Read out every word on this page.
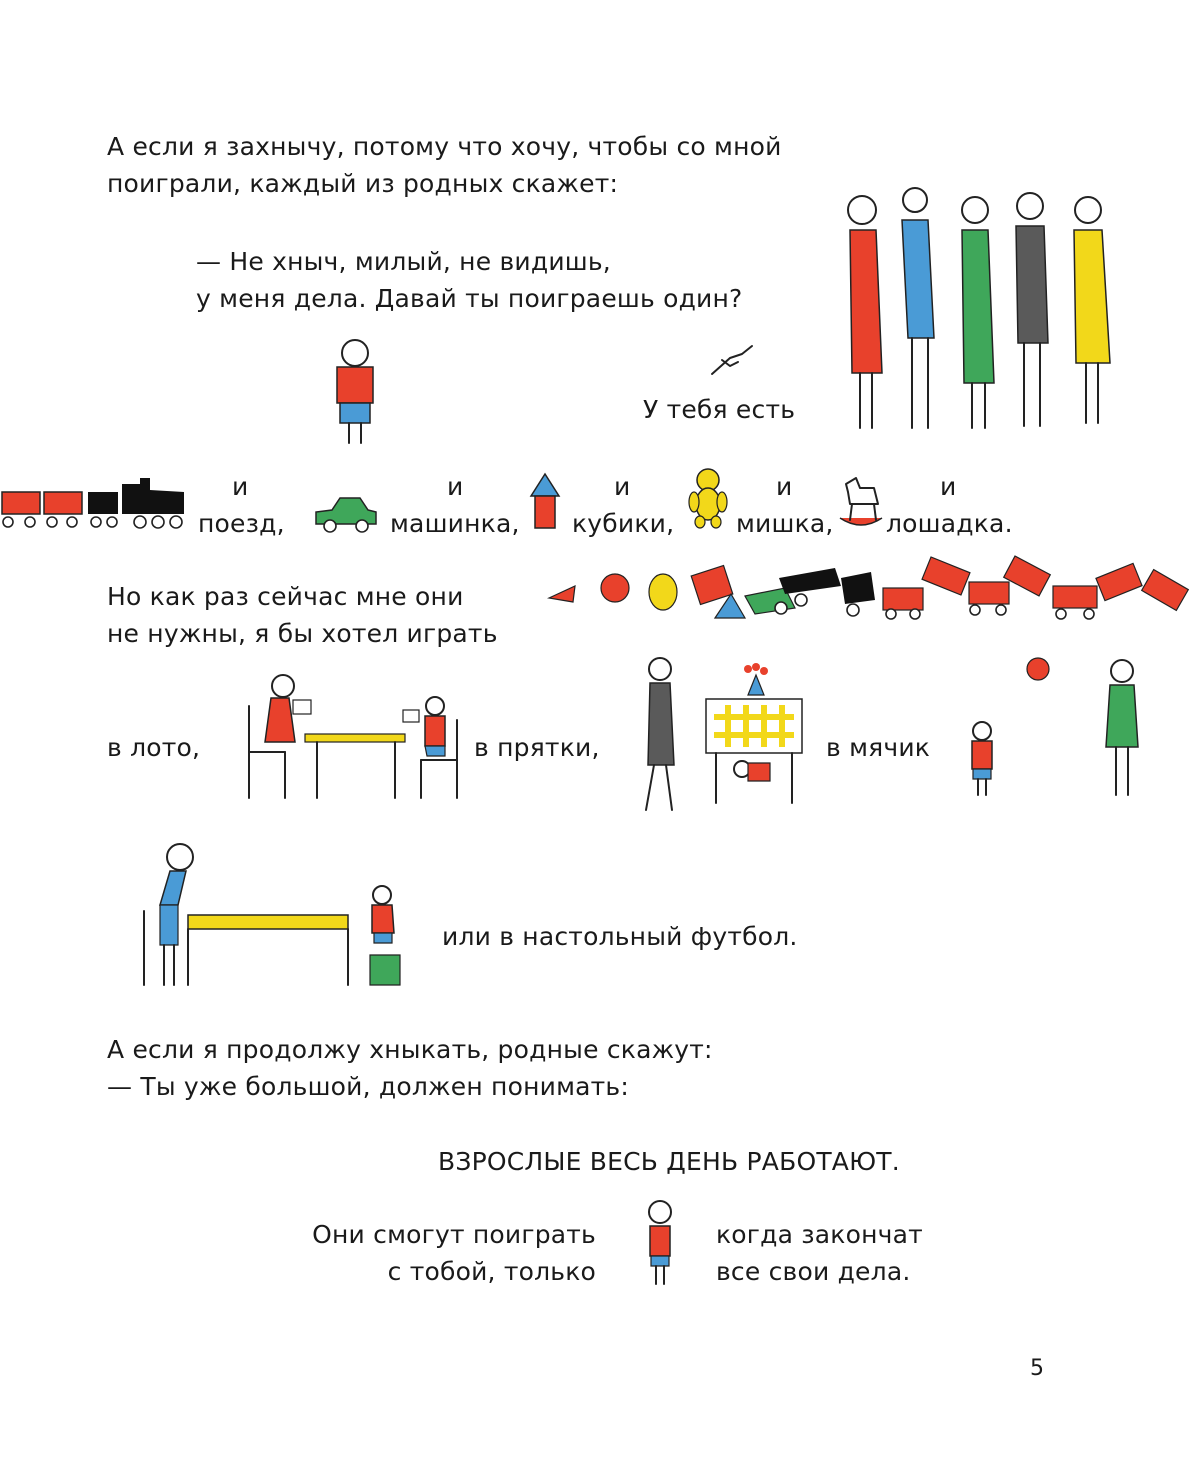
А если я захнычу, потому что хочу, чтобы со мной
поиграли, каждый из родных скажет:
— Не хныч, милый, не видишь,
у меня дела. Давай ты поиграешь один?
У тебя есть
и
поезд,
и
машинка,
и
кубики,
и
мишка,
и
лошадка.
Но как раз сейчас мне они
не нужны, я бы хотел играть
в лото,	в прятки,	в мячик
или в настольный футбол.
А если я продолжу хныкать, родные скажут:
— Ты уже большой, должен понимать:
ВЗРОСЛЫЕ ВЕСЬ ДЕНЬ РАБОТАЮТ.
Они смогут поиграть
с тобой, только
когда закончат
все свои дела.
5
